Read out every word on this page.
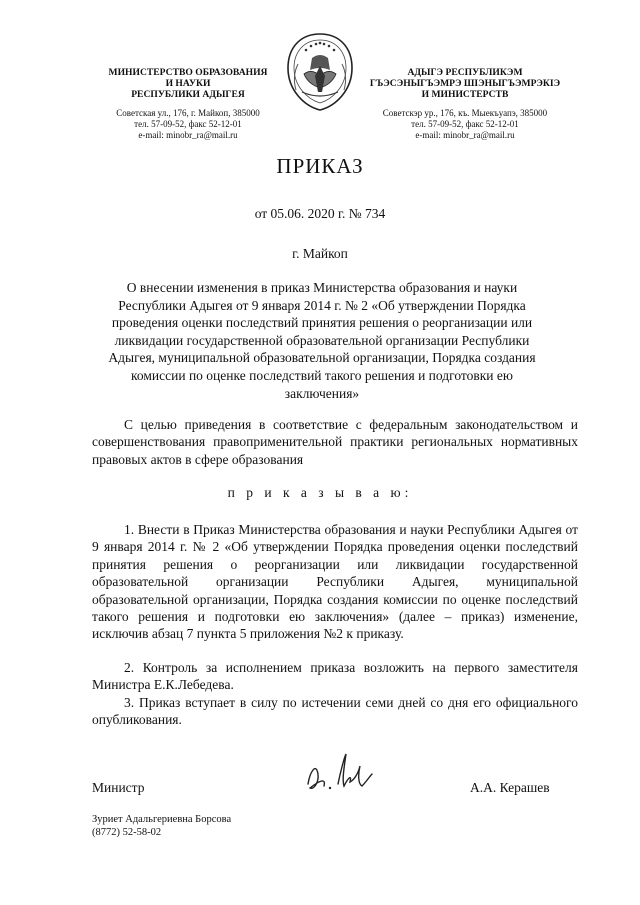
МИНИСТЕРСТВО ОБРАЗОВАНИЯ
И НАУКИ
РЕСПУБЛИКИ АДЫГЕЯ
Советская ул., 176, г. Майкоп, 385000
тел. 57-09-52, факс 52-12-01
e-mail: minobr_ra@mail.ru
АДЫГЭ РЕСПУБЛИКЭМ
ГЪЭСЭНЫГЪЭМРЭ ШIЭНЫГЪЭМРЭКIЭ
И МИНИСТЕРСТВ
Советскэр ур., 176, къ. Мыекъуапэ, 385000
тел. 57-09-52, факс 52-12-01
e-mail: minobr_ra@mail.ru
ПРИКАЗ
от 05.06. 2020 г. № 734
г. Майкоп
О внесении изменения в приказ Министерства образования и науки Республики Адыгея от 9 января 2014 г. № 2 «Об утверждении Порядка проведения оценки последствий принятия решения о реорганизации или ликвидации государственной образовательной организации Республики Адыгея, муниципальной образовательной организации, Порядка создания комиссии по оценке последствий такого решения и подготовки ею заключения»
С целью приведения в соответствие с федеральным законодательством и совершенствования правоприменительной практики региональных нормативных правовых актов в сфере образования
п р и к а з ы в а ю:
1. Внести в Приказ Министерства образования и науки Республики Адыгея от 9 января 2014 г. № 2 «Об утверждении Порядка проведения оценки последствий принятия решения о реорганизации или ликвидации государственной образовательной организации Республики Адыгея, муниципальной образовательной организации, Порядка создания комиссии по оценке последствий такого решения и подготовки ею заключения» (далее – приказ) изменение, исключив абзац 7 пункта 5 приложения №2 к приказу.
2. Контроль за исполнением приказа возложить на первого заместителя Министра Е.К.Лебедева.
3. Приказ вступает в силу по истечении семи дней со дня его официального опубликования.
Министр	А.А. Керашев
Зуриет Адальгериевна Борсова
(8772) 52-58-02
